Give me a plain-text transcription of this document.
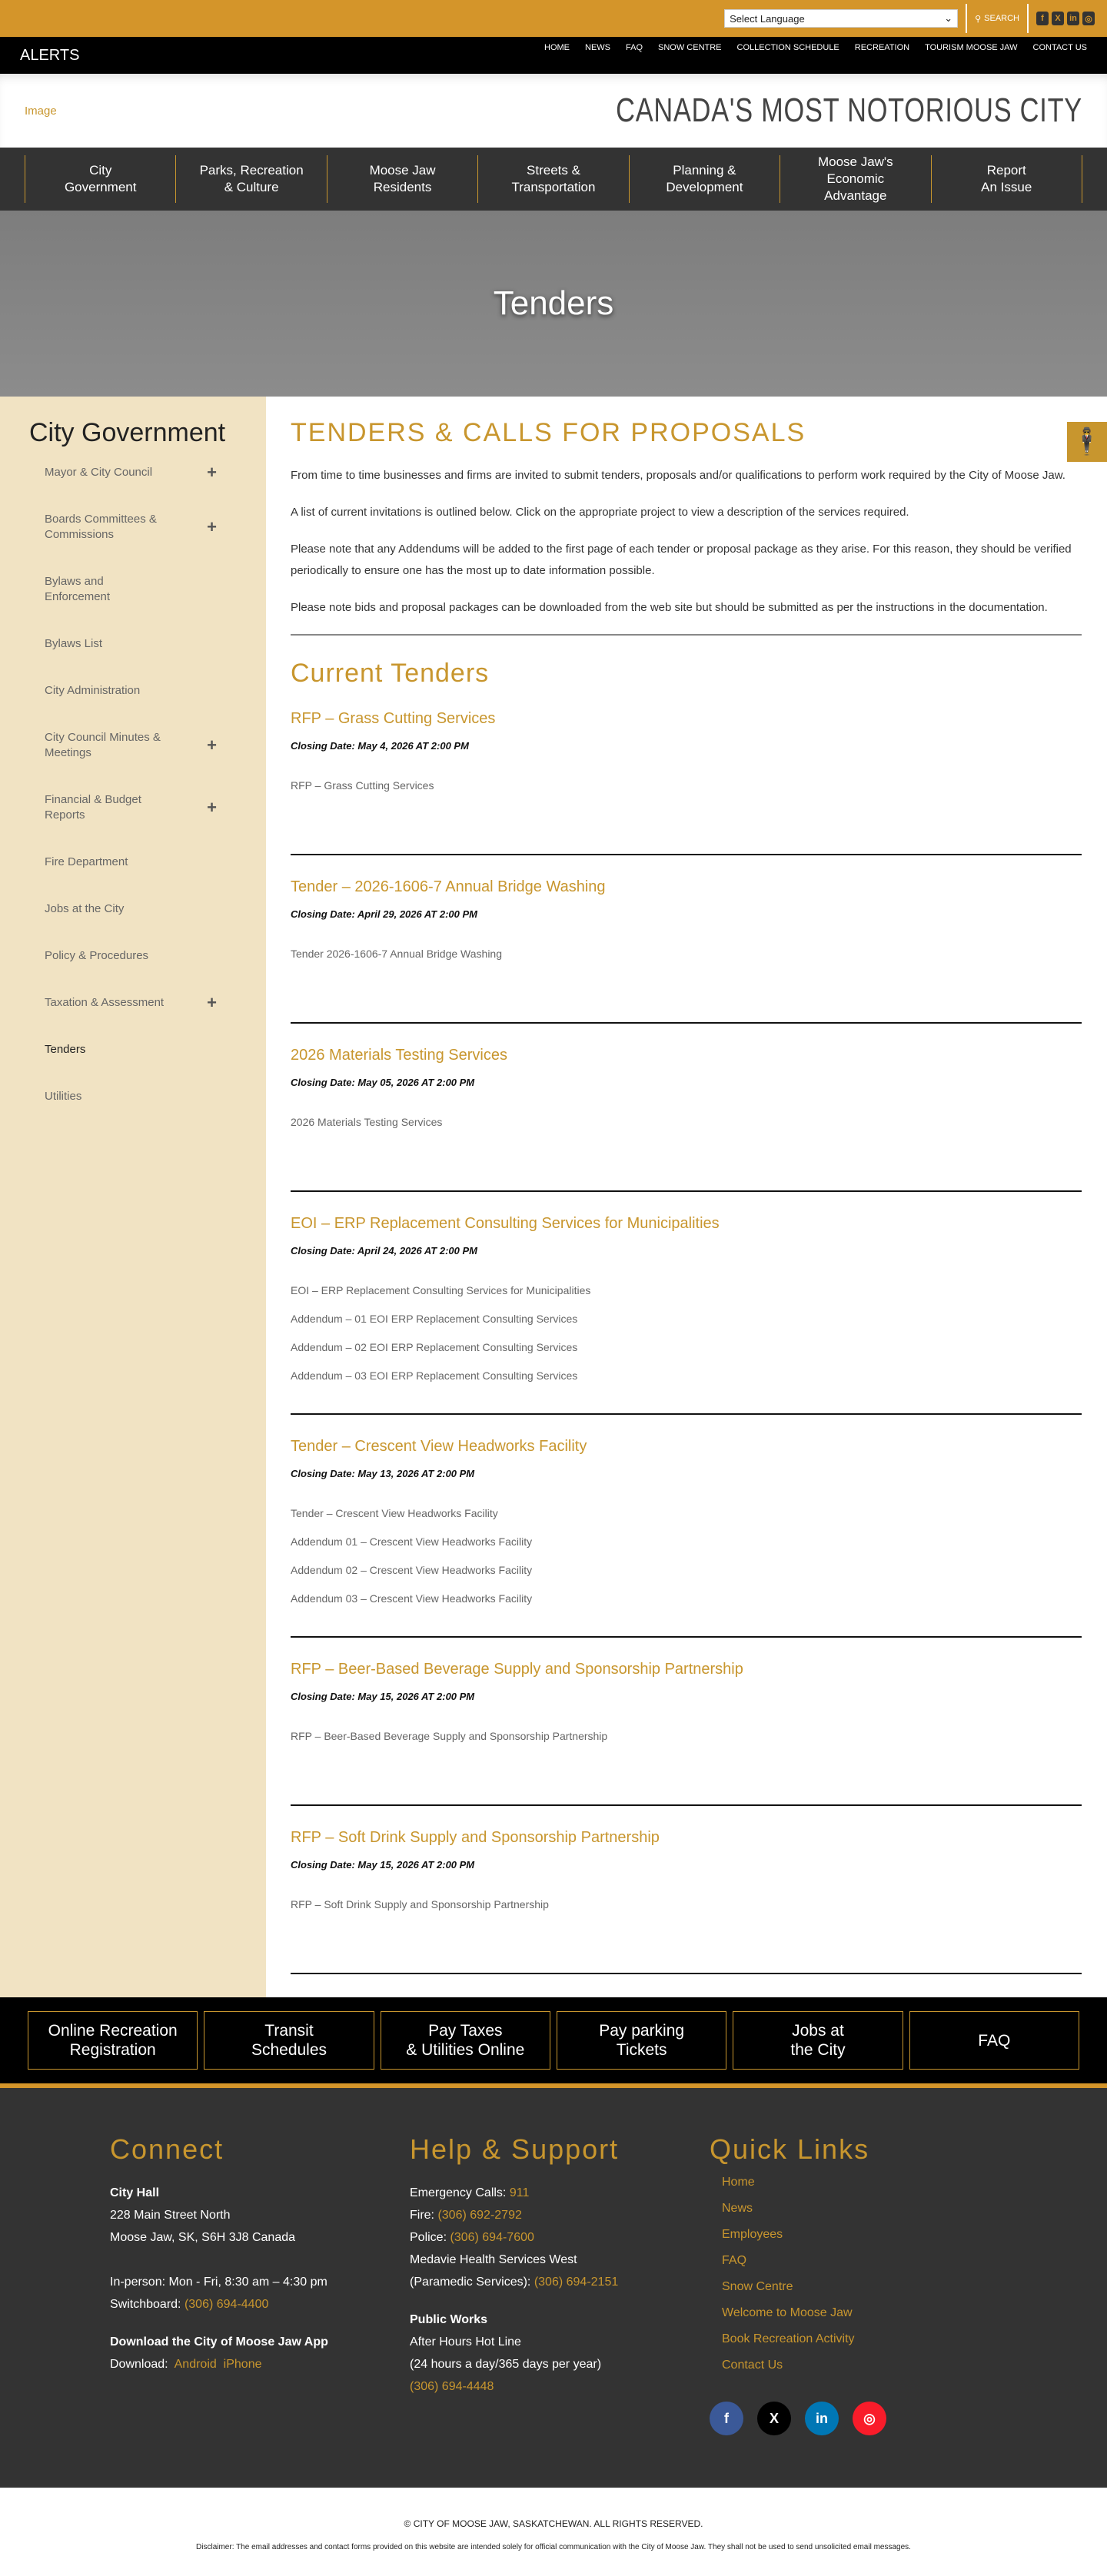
Select Language	⌄	⚲ SEARCH	f	X	in ◎
ALERTS	HOME NEWS FAQ SNOW CENTRE COLLECTION SCHEDULE RECREATION TOURISM MOOSE JAW CONTACT US
Image	CANADA'S MOST NOTORIOUS CITY
City
Government
Parks, Recreation
& Culture
Moose Jaw
Residents
Streets &
Transportation
Planning &
Development
Moose Jaw's
Economic
Advantage
Report
An Issue
Tenders
City Government
Mayor & City Council	+
Boards Committees & Commissions	+
Bylaws and Enforcement
Bylaws List
City Administration
City Council Minutes & Meetings	+
Financial & Budget Reports	+
Fire Department
Jobs at the City
Policy & Procedures
Taxation & Assessment	+
Tenders
Utilities
🕴
TENDERS & CALLS FOR PROPOSALS

From time to time businesses and firms are invited to submit tenders, proposals and/or qualifications to perform work required by the City of Moose Jaw.

A list of current invitations is outlined below. Click on the appropriate project to view a description of the services required.

Please note that any Addendums will be added to the first page of each tender or proposal package as they arise. For this reason, they should be verified periodically to ensure one has the most up to date information possible.

Please note bids and proposal packages can be downloaded from the web site but should be submitted as per the instructions in the documentation.

Current Tenders
RFP – Grass Cutting Services
Closing Date: May 4, 2026 AT 2:00 PM
RFP – Grass Cutting Services
Tender – 2026-1606-7 Annual Bridge Washing
Closing Date: April 29, 2026 AT 2:00 PM
Tender 2026-1606-7 Annual Bridge Washing
2026 Materials Testing Services
Closing Date: May 05, 2026 AT 2:00 PM
2026 Materials Testing Services
EOI – ERP Replacement Consulting Services for Municipalities
Closing Date: April 24, 2026 AT 2:00 PM
EOI – ERP Replacement Consulting Services for Municipalities
Addendum – 01 EOI ERP Replacement Consulting Services
Addendum – 02 EOI ERP Replacement Consulting Services
Addendum – 03 EOI ERP Replacement Consulting Services
Tender – Crescent View Headworks Facility
Closing Date: May 13, 2026 AT 2:00 PM
Tender – Crescent View Headworks Facility
Addendum 01 – Crescent View Headworks Facility
Addendum 02 – Crescent View Headworks Facility
Addendum 03 – Crescent View Headworks Facility
RFP – Beer-Based Beverage Supply and Sponsorship Partnership
Closing Date: May 15, 2026 AT 2:00 PM
RFP – Beer-Based Beverage Supply and Sponsorship Partnership
RFP – Soft Drink Supply and Sponsorship Partnership
Closing Date: May 15, 2026 AT 2:00 PM
RFP – Soft Drink Supply and Sponsorship Partnership
Online Recreation
Registration
Transit
Schedules
Pay Taxes
& Utilities Online
Pay parking
Tickets
Jobs at
the City
FAQ
Connect
City Hall
228 Main Street North
Moose Jaw, SK, S6H 3J8 Canada
In-person: Mon - Fri, 8:30 am – 4:30 pm
Switchboard: (306) 694-4400
Download the City of Moose Jaw App
Download: Android iPhone
Help & Support
Emergency Calls: 911
Fire: (306) 692-2792
Police: (306) 694-7600
Medavie Health Services West
(Paramedic Services): (306) 694-2151
Public Works
After Hours Hot Line
(24 hours a day/365 days per year)
(306) 694-4448
Quick Links
Home
News
Employees
FAQ
Snow Centre
Welcome to Moose Jaw
Book Recreation Activity
Contact Us
f	X	in	◎
© CITY OF MOOSE JAW, SASKATCHEWAN. ALL RIGHTS RESERVED.
Disclaimer: The email addresses and contact forms provided on this website are intended solely for official communication with the City of Moose Jaw. They shall not be used to send unsolicited email messages.
